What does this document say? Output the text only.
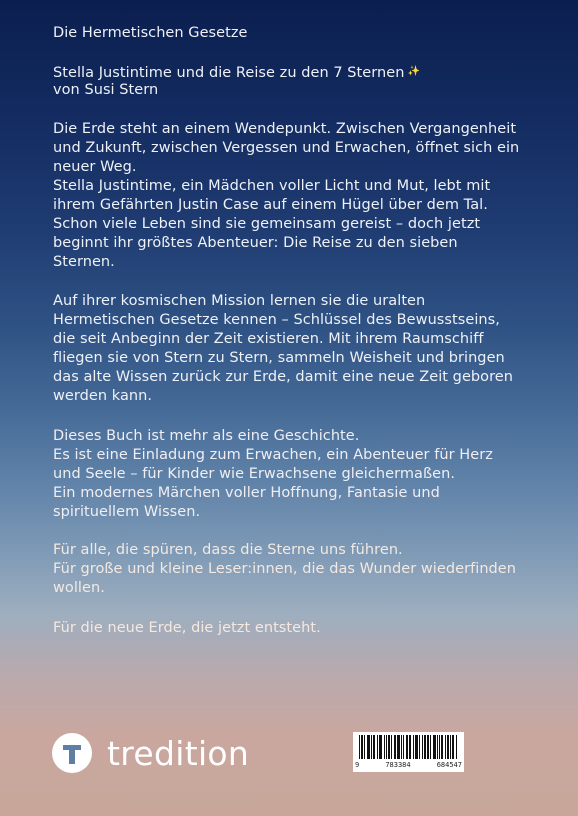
Die Hermetischen Gesetze

Stella Justintime und die Reise zu den 7 Sternen ✨

von Susi Stern

Die Erde steht an einem Wendepunkt. Zwischen Vergangenheit und Zukunft, zwischen Vergessen und Erwachen, öffnet sich ein neuer Weg.
Stella Justintime, ein Mädchen voller Licht und Mut, lebt mit ihrem Gefährten Justin Case auf einem Hügel über dem Tal. Schon viele Leben sind sie gemeinsam gereist – doch jetzt beginnt ihr größtes Abenteuer: Die Reise zu den sieben Sternen.

Auf ihrer kosmischen Mission lernen sie die uralten Hermetischen Gesetze kennen – Schlüssel des Bewusstseins, die seit Anbeginn der Zeit existieren. Mit ihrem Raumschiff fliegen sie von Stern zu Stern, sammeln Weisheit und bringen das alte Wissen zurück zur Erde, damit eine neue Zeit geboren werden kann.

Dieses Buch ist mehr als eine Geschichte.
Es ist eine Einladung zum Erwachen, ein Abenteuer für Herz und Seele – für Kinder wie Erwachsene gleichermaßen.
Ein modernes Märchen voller Hoffnung, Fantasie und spirituellem Wissen.

Für alle, die spüren, dass die Sterne uns führen.
Für große und kleine Leser:innen, die das Wunder wiederfinden wollen.

Für die neue Erde, die jetzt entsteht.

tredition	9	783384	684547
